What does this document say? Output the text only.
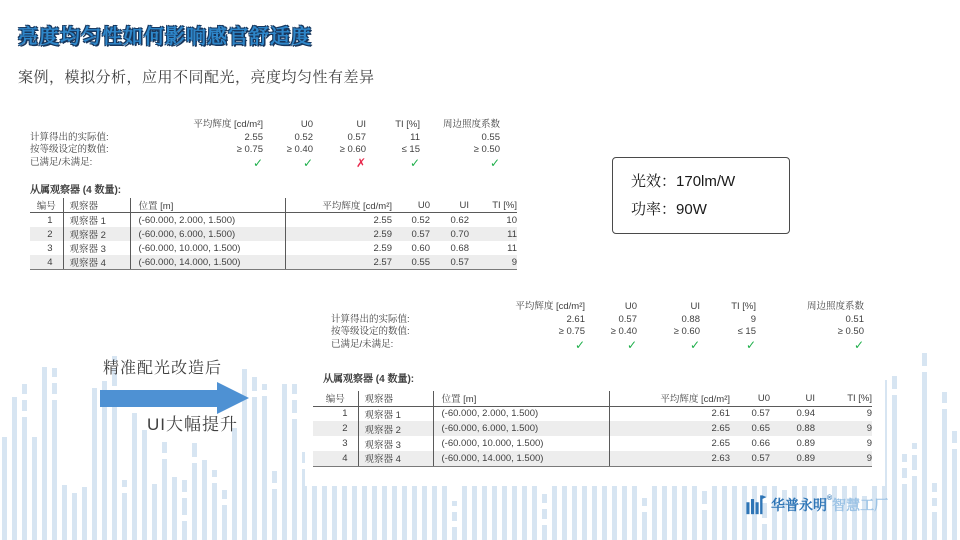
亮度均匀性如何影响感官舒适度
案例，模拟分析，应用不同配光，亮度均匀性有差异
	平均辉度 [cd/m²]	U0	UI	TI [%]	周边照度系数
计算得出的实际值:	2.55	0.52	0.57	11	0.55
按等级设定的数值:	≥ 0.75	≥ 0.40	≥ 0.60	≤ 15	≥ 0.50
已满足/未满足:	✓	✓	✗	✓	✓
从属观察器 (4 数量):
编号	观察器	位置 [m]	平均辉度 [cd/m²]	U0	UI	TI [%]
1	观察器 1	(-60.000, 2.000, 1.500)	2.55	0.52	0.62	10
2	观察器 2	(-60.000, 6.000, 1.500)	2.59	0.57	0.70	11
3	观察器 3	(-60.000, 10.000, 1.500)	2.59	0.60	0.68	11
4	观察器 4	(-60.000, 14.000, 1.500)	2.57	0.55	0.57	9
光效：170lm/W
功率：90W
	平均辉度 [cd/m²]	U0	UI	TI [%]	周边照度系数
计算得出的实际值:	2.61	0.57	0.88	9	0.51
按等级设定的数值:	≥ 0.75	≥ 0.40	≥ 0.60	≤ 15	≥ 0.50
已满足/未满足:	✓	✓	✓	✓	✓
从属观察器 (4 数量):
编号	观察器	位置 [m]	平均辉度 [cd/m²]	U0	UI	TI [%]
1	观察器 1	(-60.000, 2.000, 1.500)	2.61	0.57	0.94	9
2	观察器 2	(-60.000, 6.000, 1.500)	2.65	0.65	0.88	9
3	观察器 3	(-60.000, 10.000, 1.500)	2.65	0.66	0.89	9
4	观察器 4	(-60.000, 14.000, 1.500)	2.63	0.57	0.89	9
精准配光改造后
UI大幅提升
华普永明®智慧工厂
